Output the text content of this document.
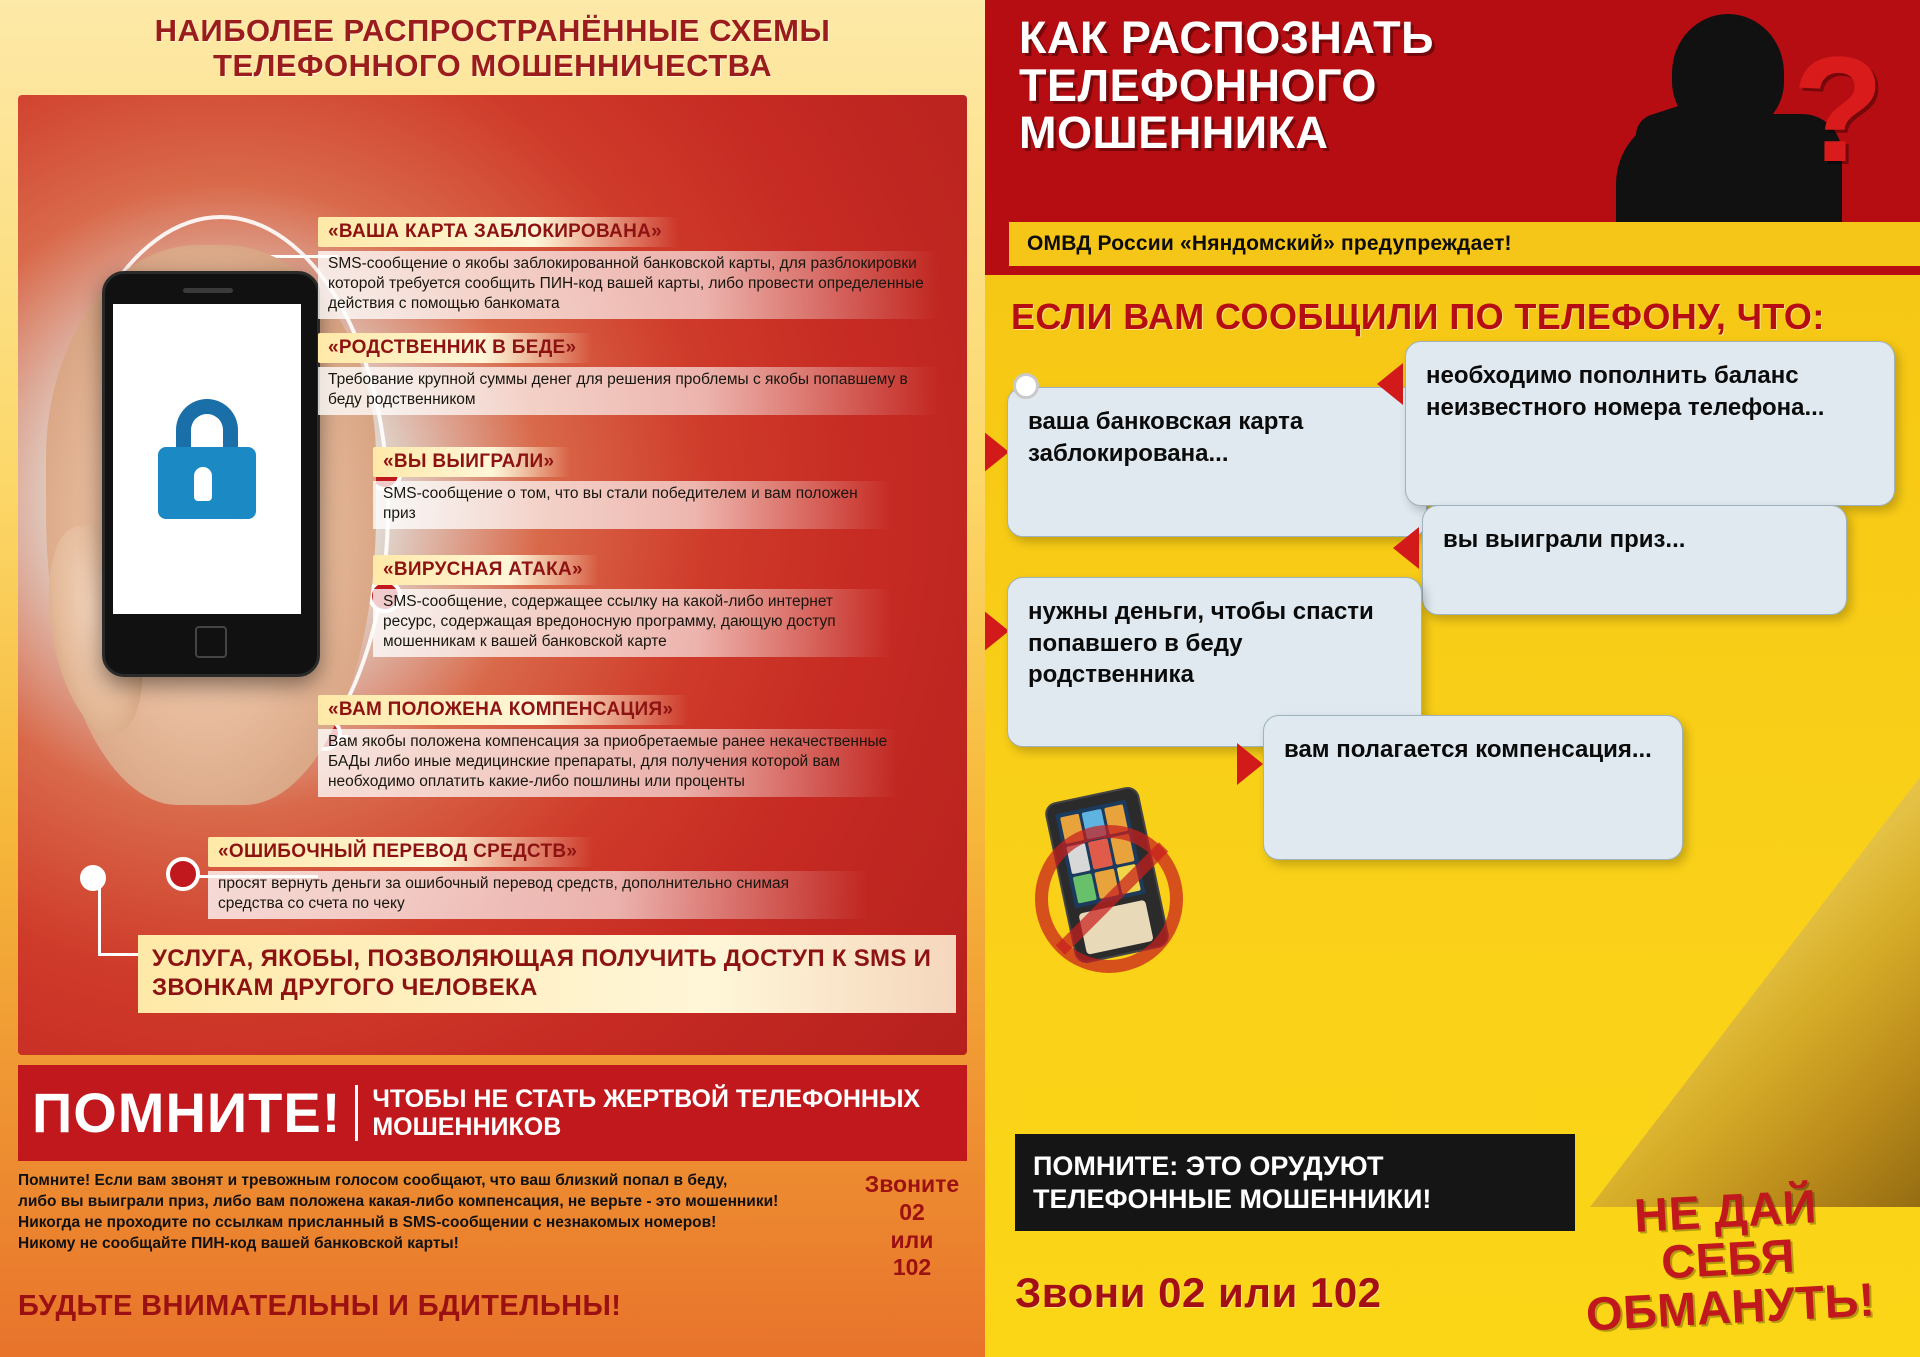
НАИБОЛЕЕ РАСПРОСТРАНЁННЫЕ СХЕМЫ ТЕЛЕФОННОГО МОШЕННИЧЕСТВА
«ВАША КАРТА ЗАБЛОКИРОВАНА»
SMS-сообщение о якобы заблокированной банковской карты, для разблокировки которой требуется сообщить ПИН-код вашей карты, либо провести определенные действия с помощью банкомата
«РОДСТВЕННИК В БЕДЕ»
Требование крупной суммы денег для решения проблемы с якобы попавшему в беду родственником
«ВЫ ВЫИГРАЛИ»
SMS-сообщение о том, что вы стали победителем и вам положен приз
«ВИРУСНАЯ АТАКА»
SMS-сообщение, содержащее ссылку на какой-либо интернет ресурс, содержащая вредоносную программу, дающую доступ мошенникам к вашей банковской карте
«ВАМ ПОЛОЖЕНА КОМПЕНСАЦИЯ»
Вам якобы положена компенсация за приобретаемые ранее некачественные БАДы либо иные медицинские препараты, для получения которой вам необходимо оплатить какие-либо пошлины или проценты
«ОШИБОЧНЫЙ ПЕРЕВОД СРЕДСТВ»
просят вернуть деньги за ошибочный перевод средств, дополнительно снимая средства со счета по чеку
УСЛУГА, ЯКОБЫ, ПОЗВОЛЯЮЩАЯ ПОЛУЧИТЬ ДОСТУП К SMS И ЗВОНКАМ ДРУГОГО ЧЕЛОВЕКА
ПОМНИТЕ!	ЧТОБЫ НЕ СТАТЬ ЖЕРТВОЙ ТЕЛЕФОННЫХ МОШЕННИКОВ
Помните! Если вам звонят и тревожным голосом сообщают, что ваш близкий попал в беду,
либо вы выиграли приз, либо вам положена какая-либо компенсация, не верьте - это мошенники!
Никогда не проходите по ссылкам присланный в SMS-сообщении с незнакомых номеров!
Никому не сообщайте ПИН-код вашей банковской карты!
Звоните
02
или
102
БУДЬТЕ ВНИМАТЕЛЬНЫ И БДИТЕЛЬНЫ!
КАК РАСПОЗНАТЬ ТЕЛЕФОННОГО МОШЕННИКА	?
ОМВД России «Няндомский» предупреждает!
ЕСЛИ ВАМ СООБЩИЛИ ПО ТЕЛЕФОНУ, ЧТО:
ваша банковская карта заблокирована...
необходимо пополнить баланс неизвестного номера телефона...
вы выиграли приз...
нужны деньги, чтобы спасти попавшего в беду родственника
вам полагается компенсация...
ПОМНИТЕ: ЭТО ОРУДУЮТ ТЕЛЕФОННЫЕ МОШЕННИКИ!
Звони 02 или 102
НЕ ДАЙ
СЕБЯ
ОБМАНУТЬ!
